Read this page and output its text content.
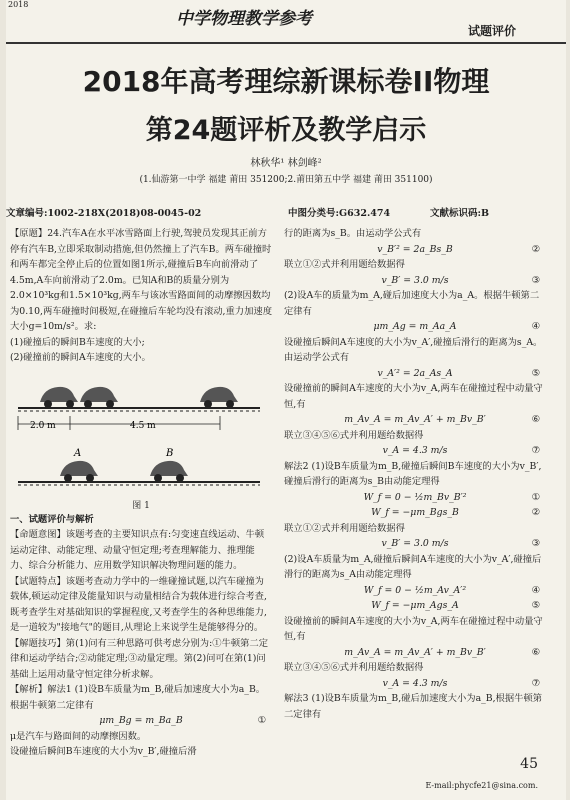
2018
中学物理教学参考
试题评价
2018年高考理综新课标卷II物理
第24题评析及教学启示
林秋华¹ 林剑峰²
(1.仙游第一中学 福建 莆田 351200;2.莆田第五中学 福建 莆田 351100)
文章编号:1002-218X(2018)08-0045-02	中图分类号:G632.474	文献标识码:B

【原题】24.汽车A在水平冰雪路面上行驶,驾驶员发现其正前方停有汽车B,立即采取制动措施,但仍然撞上了汽车B。两车碰撞时和两车都完全停止后的位置如图1所示,碰撞后B车向前滑动了4.5m,A车向前滑动了2.0m。已知A和B的质量分别为2.0×10³kg和1.5×10³kg,两车与该冰雪路面间的动摩擦因数均为0.10,两车碰撞时间极短,在碰撞后车轮均没有滚动,重力加速度大小g=10m/s²。求:

(1)碰撞后的瞬间B车速度的大小;

(2)碰撞前的瞬间A车速度的大小。

2.0 m	4.5 m
A	B
图 1

一、试题评价与解析

【命题意图】该题考查的主要知识点有:匀变速直线运动、牛顿运动定律、动能定理、动量守恒定理;考查理解能力、推理能力、综合分析能力、应用数学知识解决物理问题的能力。

【试题特点】该题考查动力学中的一维碰撞试题,以汽车碰撞为载体,顿运动定律及能量知识与动量相结合为载体进行综合考查,既考查学生对基础知识的掌握程度,又考查学生的各种思维能力,是一道较为"接地气"的题目,从理论上来说学生是能够得分的。

【解题技巧】第(1)问有三种思路可供考虑分别为:①牛顿第二定律和运动学结合;②动能定理;③动量定理。第(2)问可在第(1)问基础上运用动量守恒定律分析求解。

【解析】解法1 (1)设B车质量为m_B,碰后加速度大小为a_B。根据牛顿第二定律有

μm_Bg = m_Ba_B	①

μ是汽车与路面间的动摩擦因数。

设碰撞后瞬间B车速度的大小为v_B′,碰撞后滑

行的距离为s_B。由运动学公式有

v_B′² = 2a_Bs_B	②

联立①②式并利用题给数据得

v_B′ = 3.0 m/s	③

(2)设A车的质量为m_A,碰后加速度大小为a_A。根据牛顿第二定律有

μm_Ag = m_Aa_A	④

设碰撞后瞬间A车速度的大小为v_A′,碰撞后滑行的距离为s_A。由运动学公式有

v_A′² = 2a_As_A	⑤

设碰撞前的瞬间A车速度的大小为v_A,两车在碰撞过程中动量守恒,有

m_Av_A = m_Av_A′ + m_Bv_B′	⑥

联立③④⑤⑥式并利用题给数据得

v_A = 4.3 m/s	⑦

解法2 (1)设B车质量为m_B,碰撞后瞬间B车速度的大小为v_B′,碰撞后滑行的距离为s_B由动能定理得

W_f = 0 − ½m_Bv_B′²	①

W_f = −μm_Bgs_B	②

联立①②式并利用题给数据得

v_B′ = 3.0 m/s	③

(2)设A车质量为m_A,碰撞后瞬间A车速度的大小为v_A′,碰撞后滑行的距离为s_A由动能定理得

W_f = 0 − ½m_Av_A′²	④

W_f = −μm_Ags_A	⑤

设碰撞前的瞬间A车速度的大小为v_A,两车在碰撞过程中动量守恒,有

m_Av_A = m_Av_A′ + m_Bv_B′	⑥

联立③④⑤⑥式并利用题给数据得

v_A = 4.3 m/s	⑦

解法3 (1)设B车质量为m_B,碰后加速度大小为a_B,根据牛顿第二定律有

45
E-mail:phycfe21@sina.com.
